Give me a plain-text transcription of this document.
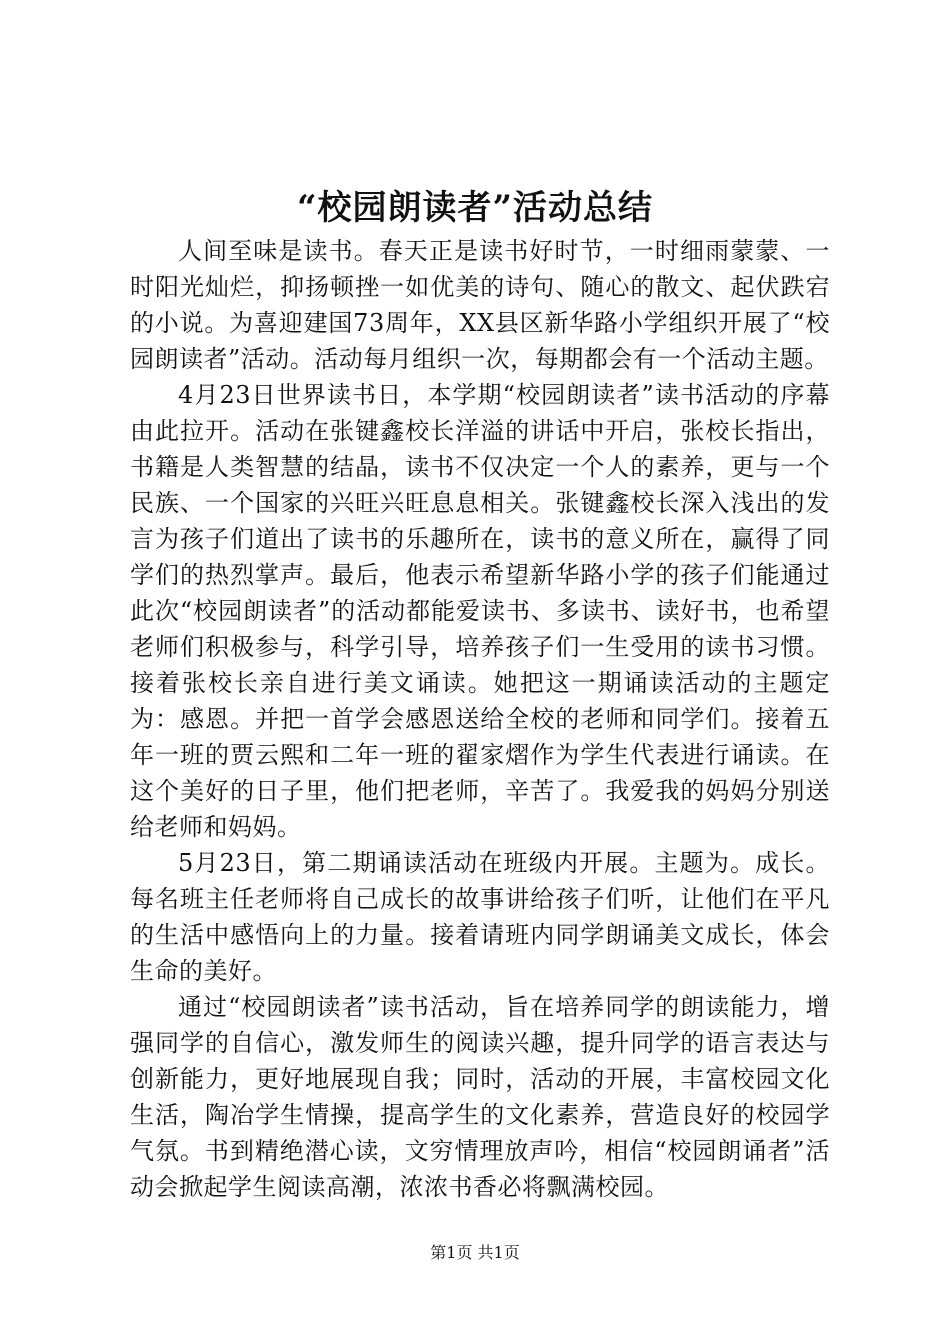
“校园朗读者”活动总结

人间至味是读书。春天正是读书好时节，一时细雨蒙蒙、一时阳光灿烂，抑扬顿挫一如优美的诗句、随心的散文、起伏跌宕的小说。为喜迎建国73周年，XX县区新华路小学组织开展了“校园朗读者”活动。活动每月组织一次，每期都会有一个活动主题。

4月23日世界读书日，本学期“校园朗读者”读书活动的序幕由此拉开。活动在张键鑫校长洋溢的讲话中开启，张校长指出，书籍是人类智慧的结晶，读书不仅决定一个人的素养，更与一个民族、一个国家的兴旺兴旺息息相关。张键鑫校长深入浅出的发言为孩子们道出了读书的乐趣所在，读书的意义所在，赢得了同学们的热烈掌声。最后，他表示希望新华路小学的孩子们能通过此次“校园朗读者”的活动都能爱读书、多读书、读好书，也希望老师们积极参与，科学引导，培养孩子们一生受用的读书习惯。接着张校长亲自进行美文诵读。她把这一期诵读活动的主题定为：感恩。并把一首学会感恩送给全校的老师和同学们。接着五年一班的贾云熙和二年一班的翟家熠作为学生代表进行诵读。在这个美好的日子里，他们把老师，辛苦了。我爱我的妈妈分别送给老师和妈妈。

5月23日，第二期诵读活动在班级内开展。主题为。成长。每名班主任老师将自己成长的故事讲给孩子们听，让他们在平凡的生活中感悟向上的力量。接着请班内同学朗诵美文成长，体会生命的美好。

通过“校园朗读者”读书活动，旨在培养同学的朗读能力，增强同学的自信心，激发师生的阅读兴趣，提升同学的语言表达与创新能力，更好地展现自我；同时，活动的开展，丰富校园文化生活，陶冶学生情操，提高学生的文化素养，营造良好的校园学气氛。书到精绝潜心读，文穷情理放声吟，相信“校园朗诵者”活动会掀起学生阅读高潮，浓浓书香必将飘满校园。

第1页 共1页
